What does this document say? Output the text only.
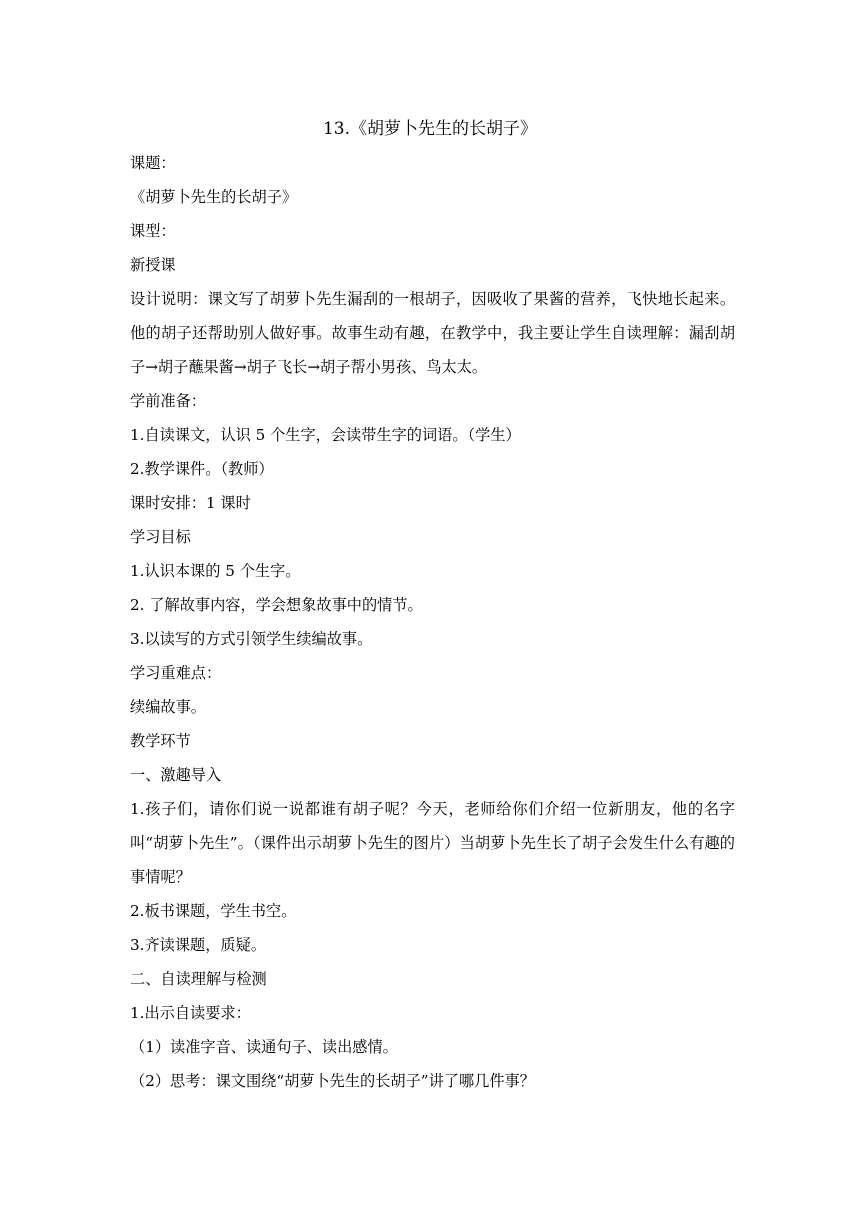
13.《胡萝卜先生的长胡子》

课题：

《胡萝卜先生的长胡子》

课型：

新授课

设计说明：课文写了胡萝卜先生漏刮的一根胡子，因吸收了果酱的营养，飞快地长起来。他的胡子还帮助别人做好事。故事生动有趣，在教学中，我主要让学生自读理解：漏刮胡子→胡子蘸果酱→胡子飞长→胡子帮小男孩、鸟太太。

学前准备：

1.自读课文，认识 5 个生字，会读带生字的词语。（学生）

2.教学课件。（教师）

课时安排：1 课时

学习目标

1.认识本课的 5 个生字。

2. 了解故事内容，学会想象故事中的情节。

3.以读写的方式引领学生续编故事。

学习重难点：

续编故事。

教学环节

一、激趣导入

1.孩子们，请你们说一说都谁有胡子呢？今天，老师给你们介绍一位新朋友，他的名字叫“胡萝卜先生”。（课件出示胡萝卜先生的图片）当胡萝卜先生长了胡子会发生什么有趣的事情呢？

2.板书课题，学生书空。

3.齐读课题，质疑。

二、自读理解与检测

1.出示自读要求：

（1）读准字音、读通句子、读出感情。

（2）思考：课文围绕“胡萝卜先生的长胡子”讲了哪几件事？
